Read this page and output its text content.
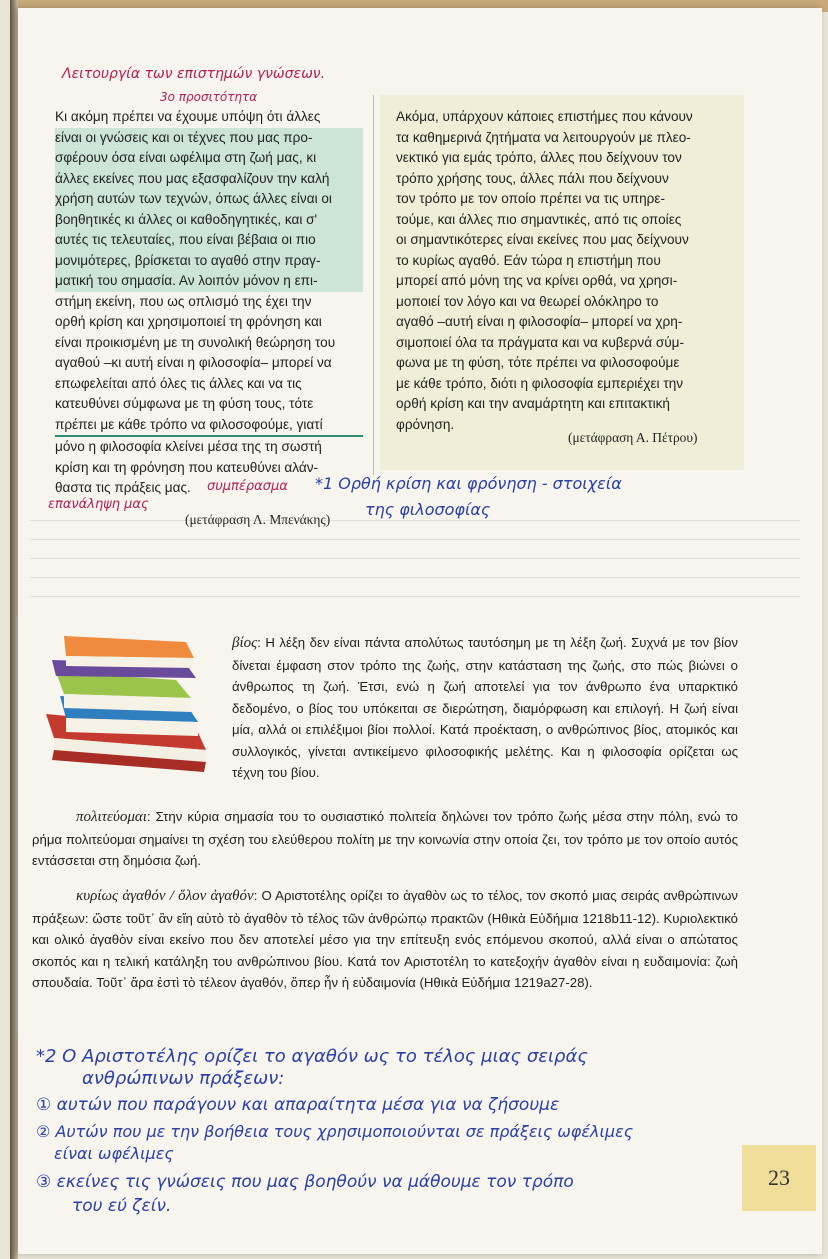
Λειτουργία των επιστημών γνώσεων.
3ο προσιτότητα

Κι ακόμη πρέπει να έχουμε υπόψη ότι άλλες

είναι οι γνώσεις και οι τέχνες που μας προ-

σφέρουν όσα είναι ωφέλιμα στη ζωή μας, κι

άλλες εκείνες που μας εξασφαλίζουν την καλή

χρήση αυτών των τεχνών, όπως άλλες είναι οι

βοηθητικές κι άλλες οι καθοδηγητικές, και σ'

αυτές τις τελευταίες, που είναι βέβαια οι πιο

μονιμότερες, βρίσκεται το αγαθό στην πραγ-

ματική του σημασία. Αν λοιπόν μόνον η επι-

στήμη εκείνη, που ως οπλισμό της έχει την

ορθή κρίση και χρησιμοποιεί τη φρόνηση και

είναι προικισμένη με τη συνολική θεώρηση του

αγαθού –κι αυτή είναι η φιλοσοφία– μπορεί να

επωφελείται από όλες τις άλλες και να τις

κατευθύνει σύμφωνα με τη φύση τους, τότε

πρέπει με κάθε τρόπο να φιλοσοφούμε, γιατί

μόνο η φιλοσοφία κλείνει μέσα της τη σωστή

κρίση και τη φρόνηση που κατευθύνει αλάν-

θαστα τις πράξεις μας.

Ακόμα, υπάρχουν κάποιες επιστήμες που κάνουν

τα καθημερινά ζητήματα να λειτουργούν με πλεο-

νεκτικό για εμάς τρόπο, άλλες που δείχνουν τον

τρόπο χρήσης τους, άλλες πάλι που δείχνουν

τον τρόπο με τον οποίο πρέπει να τις υπηρε-

τούμε, και άλλες πιο σημαντικές, από τις οποίες

οι σημαντικότερες είναι εκείνες που μας δείχνουν

το κυρίως αγαθό. Εάν τώρα η επιστήμη που

μπορεί από μόνη της να κρίνει ορθά, να χρησι-

μοποιεί τον λόγο και να θεωρεί ολόκληρο το

αγαθό –αυτή είναι η φιλοσοφία– μπορεί να χρη-

σιμοποιεί όλα τα πράγματα και να κυβερνά σύμ-

φωνα με τη φύση, τότε πρέπει να φιλοσοφούμε

με κάθε τρόπο, διότι η φιλοσοφία εμπεριέχει την

ορθή κρίση και την αναμάρτητη και επιτακτική

φρόνηση.

(μετάφραση Α. Πέτρου)
(μετάφραση Λ. Μπενάκης)
συμπέρασμα
επανάληψη μας
*1 Ορθή κρίση και φρόνηση - στοιχεία
της φιλοσοφίας

βίος: Η λέξη δεν είναι πάντα απολύτως ταυτόσημη με τη λέξη ζωή. Συχνά με τον βίον δίνεται έμφαση στον τρόπο της ζωής, στην κατάσταση της ζωής, στο πώς βιώνει ο άνθρωπος τη ζωή. Έτσι, ενώ η ζωή αποτελεί για τον άνθρωπο ένα υπαρκτικό δεδομένο, ο βίος του υπόκειται σε διερώτηση, διαμόρφωση και επιλογή. Η ζωή είναι μία, αλλά οι επιλέξιμοι βίοι πολλοί. Κατά προέκταση, ο ανθρώπινος βίος, ατομικός και συλλογικός, γίνεται αντικείμενο φιλοσοφικής μελέτης. Και η φιλοσοφία ορίζεται ως τέχνη του βίου.

πολιτεύομαι: Στην κύρια σημασία του το ουσιαστικό πολιτεία δηλώνει τον τρόπο ζωής μέσα στην πόλη, ενώ το ρήμα πολιτεύομαι σημαίνει τη σχέση του ελεύθερου πολίτη με την κοινωνία στην οποία ζει, τον τρόπο με τον οποίο αυτός εντάσσεται στη δημόσια ζωή.

κυρίως ἀγαθόν / ὅλον ἀγαθόν: Ο Αριστοτέλης ορίζει το ἀγαθὸν ως το τέλος, τον σκοπό μιας σειράς ανθρώπινων πράξεων: ὥστε τοῦτ᾽ ἂν εἴη αὐτὸ τὸ ἀγαθὸν τὸ τέλος τῶν ἀνθρώπῳ πρακτῶν (Ηθικὰ Εὐδήμια 1218b11-12). Κυριολεκτικό και ολικό ἀγαθὸν είναι εκείνο που δεν αποτελεί μέσο για την επίτευξη ενός επόμενου σκοπού, αλλά είναι ο απώτατος σκοπός και η τελική κατάληξη του ανθρώπινου βίου. Κατά τον Αριστοτέλη το κατεξοχήν ἀγαθὸν είναι η ευδαιμονία: ζωὴ σπουδαία. Τοῦτ᾽ ἄρα ἐστὶ τὸ τέλεον ἀγαθόν, ὅπερ ἦν ἡ εὐδαιμονία (Ηθικὰ Εὐδήμια 1219a27-28).

*2 Ο Αριστοτέλης ορίζει το αγαθόν ως το τέλος μιας σειράς
ανθρώπινων πράξεων:
① αυτών που παράγουν και απαραίτητα μέσα για να ζήσουμε
② Αυτών που με την βοήθεια τους χρησιμοποιούνται σε πράξεις ωφέλιμες
είναι ωφέλιμες
③ εκείνες τις γνώσεις που μας βοηθούν να μάθουμε τον τρόπο
του εύ ζείν.
23
